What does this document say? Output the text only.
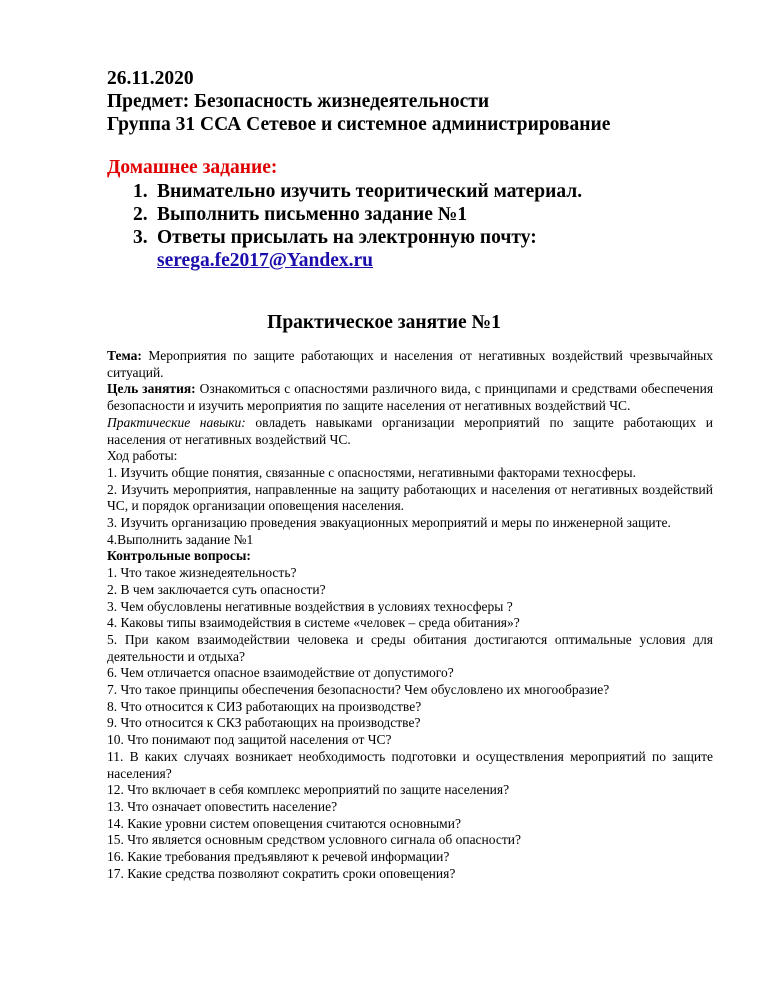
26.11.2020
Предмет: Безопасность жизнедеятельности
Группа 31 ССА Сетевое и системное администрирование
Домашнее задание:
1. Внимательно изучить теоритический материал.
2. Выполнить письменно задание №1
3. Ответы присылать на электронную почту:
serega.fe2017@Yandex.ru
Практическое занятие №1

Тема: Мероприятия по защите работающих и населения от негативных воздействий чрезвычайных ситуаций.

Цель занятия: Ознакомиться с опасностями различного вида, с принципами и средствами обеспечения безопасности и изучить мероприятия по защите населения от негативных воздействий ЧС.

Практические навыки: овладеть навыками организации мероприятий по защите работающих и населения от негативных воздействий ЧС.

Ход работы:

1. Изучить общие понятия, связанные с опасностями, негативными факторами техносферы.

2. Изучить мероприятия, направленные на защиту работающих и населения от негативных воздействий ЧС, и порядок организации оповещения населения.

3. Изучить организацию проведения эвакуационных мероприятий и меры по инженерной защите.

4.Выполнить задание №1

Контрольные вопросы:

1. Что такое жизнедеятельность?

2. В чем заключается суть опасности?

3. Чем обусловлены негативные воздействия в условиях техносферы ?

4. Каковы типы взаимодействия в системе «человек – среда обитания»?

5. При каком взаимодействии человека и среды обитания достигаются оптимальные условия для деятельности и отдыха?

6. Чем отличается опасное взаимодействие от допустимого?

7. Что такое принципы обеспечения безопасности? Чем обусловлено их многообразие?

8. Что относится к СИЗ работающих на производстве?

9. Что относится к СКЗ работающих на производстве?

10. Что понимают под защитой населения от ЧС?

11. В каких случаях возникает необходимость подготовки и осуществления мероприятий по защите населения?

12. Что включает в себя комплекс мероприятий по защите населения?

13. Что означает оповестить население?

14. Какие уровни систем оповещения считаются основными?

15. Что является основным средством условного сигнала об опасности?

16. Какие требования предъявляют к речевой информации?

17. Какие средства позволяют сократить сроки оповещения?
